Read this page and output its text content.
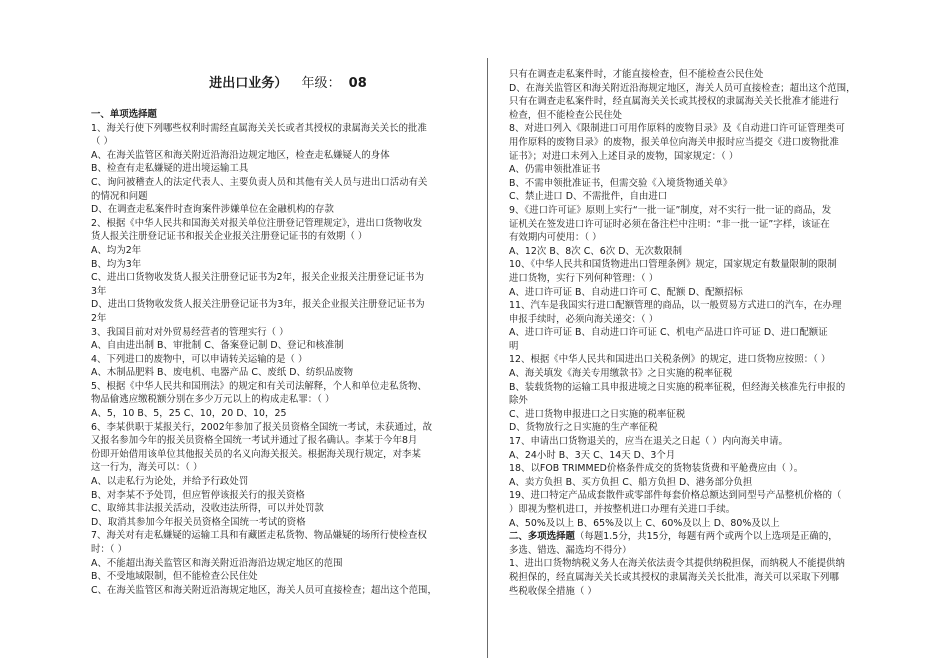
进出口业务） 年级： 08

一、单项选择题

1、海关行使下列哪些权利时需经直属海关关长或者其授权的隶属海关关长的批准

（ ）

A、在海关监管区和海关附近沿海沿边规定地区，检查走私嫌疑人的身体

B、检查有走私嫌疑的进出境运输工具

C、询问被稽查人的法定代表人、主要负责人员和其他有关人员与进出口活动有关

的情况和问题

D、在调查走私案件时查询案件涉嫌单位在金融机构的存款

2、根据《中华人民共和国海关对报关单位注册登记管理规定》，进出口货物收发

货人报关注册登记证书和报关企业报关注册登记证书的有效期（ ）

A、均为2年

B、均为3年

C、进出口货物收发货人报关注册登记证书为2年，报关企业报关注册登记证书为

3年

D、进出口货物收发货人报关注册登记证书为3年，报关企业报关注册登记证书为

2年

3、我国目前对对外贸易经营者的管理实行（ ）

A、自由进出制 B、审批制 C、备案登记制 D、登记和核准制

4、下列进口的废物中，可以申请转关运输的是（ ）

A、木制品肥料 B、废电机、电器产品 C、废纸 D、纺织品废物

5、根据《中华人民共和国刑法》的规定和有关司法解释，个人和单位走私货物、

物品偷逃应缴税额分别在多少万元以上的构成走私罪：（ ）

A、5，10 B、5，25 C、10，20 D、10，25

6、李某供职于某报关行，2002年参加了报关员资格全国统一考试，未获通过，故

又报名参加今年的报关员资格全国统一考试并通过了报名确认。李某于今年8月

份即开始借用该单位其他报关员的名义向海关报关。根据海关现行规定，对李某

这一行为，海关可以：（ ）

A、以走私行为论处，并给予行政处罚

B、对李某不予处罚，但应暂停该报关行的报关资格

C、取缔其非法报关活动，没收违法所得，可以并处罚款

D、取消其参加今年报关员资格全国统一考试的资格

7、海关对有走私嫌疑的运输工具和有藏匿走私货物、物品嫌疑的场所行使检查权

时：（ ）

A、不能超出海关监管区和海关附近沿海沿边规定地区的范围

B、不受地域限制，但不能检查公民住处

C、在海关监管区和海关附近沿海规定地区，海关人员可直接检查；超出这个范围，

只有在调查走私案件时，才能直接检查，但不能检查公民住处

D、在海关监管区和海关附近沿海规定地区，海关人员可直接检查；超出这个范围，

只有在调查走私案件时，经直属海关关长或其授权的隶属海关关长批准才能进行

检查，但不能检查公民住处

8、对进口列入《限制进口可用作原料的废物目录》及《自动进口许可证管理类可

用作原料的废物目录》的废物，报关单位向海关申报时应当提交《进口废物批准

证书》；对进口未列入上述目录的废物，国家规定：（ ）

A、仍需申领批准证书

B、不需申领批准证书，但需交验《入境货物通关单》

C、禁止进口 D、不需批件，自由进口

9、《进口许可证》原则上实行“一批一证”制度，对不实行一批一证的商品，发

证机关在签发进口许可证时必须在备注栏中注明：“非一批一证”字样，该证在

有效期内可使用：（ ）

A、12次 B、8次 C、6次 D、无次数限制

10、《中华人民共和国货物进出口管理条例》规定，国家规定有数量限制的限制

进口货物，实行下列何种管理：（ ）

A、进口许可证 B、自动进口许可 C、配额 D、配额招标

11、汽车是我国实行进口配额管理的商品，以一般贸易方式进口的汽车，在办理

申报手续时，必须向海关递交：（ ）

A、进口许可证 B、自动进口许可证 C、机电产品进口许可证 D、进口配额证

明

12、根据《中华人民共和国进出口关税条例》的规定，进口货物应按照：（ ）

A、海关填发《海关专用缴款书》之日实施的税率征税

B、装载货物的运输工具申报进境之日实施的税率征税，但经海关核准先行申报的

除外

C、进口货物申报进口之日实施的税率征税

D、货物放行之日实施的生产率征税

17、申请出口货物退关的，应当在退关之日起（ ）内向海关申请。

A、24小时 B、3天 C、14天 D、3个月

18、以FOB TRIMMED价格条件成交的货物装货费和平舱费应由（ ）。

A、卖方负担 B、买方负担 C、船方负担 D、港务部分负担

19、进口特定产品成套散件或零部件每套价格总额达到同型号产品整机价格的（

）即视为整机进口，并按整机进口办理有关进口手续。

A、50%及以上 B、65%及以上 C、60%及以上 D、80%及以上

二、多项选择题（每题1.5分，共15分，每题有两个或两个以上选项是正确的，

多选、错选、漏选均不得分）

1、进出口货物纳税义务人在海关依法责令其提供纳税担保，而纳税人不能提供纳

税担保的，经直属海关关长或其授权的隶属海关关长批准，海关可以采取下列哪

些税收保全措施（ ）
